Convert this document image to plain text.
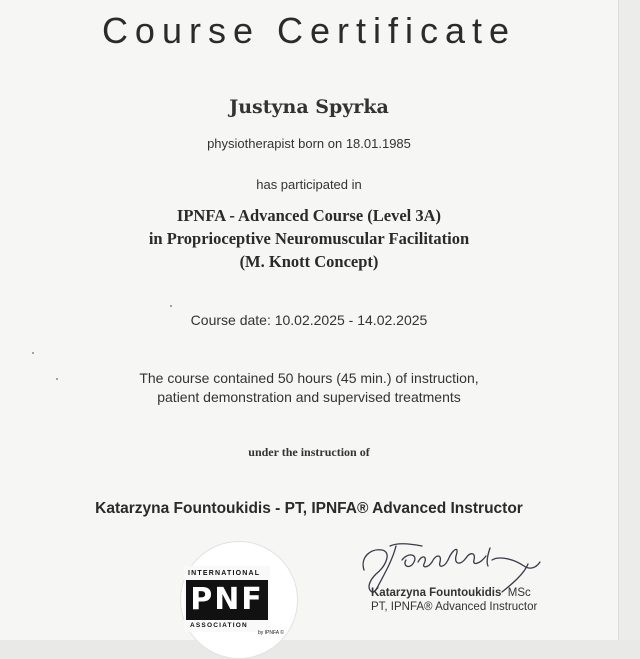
Course Certificate
Justyna Spyrka
physiotherapist born on 18.01.1985
has participated in
IPNFA - Advanced Course (Level 3A)
in Proprioceptive Neuromuscular Facilitation
(M. Knott Concept)
Course date: 10.02.2025 - 14.02.2025
The course contained 50 hours (45 min.) of instruction,
patient demonstration and supervised treatments
under the instruction of
Katarzyna Fountoukidis - PT, IPNFA® Advanced Instructor
INTERNATIONAL
PNF
ASSOCIATION
by IPNFA ©
Katarzyna Fountoukidis MSc
PT, IPNFA® Advanced Instructor
